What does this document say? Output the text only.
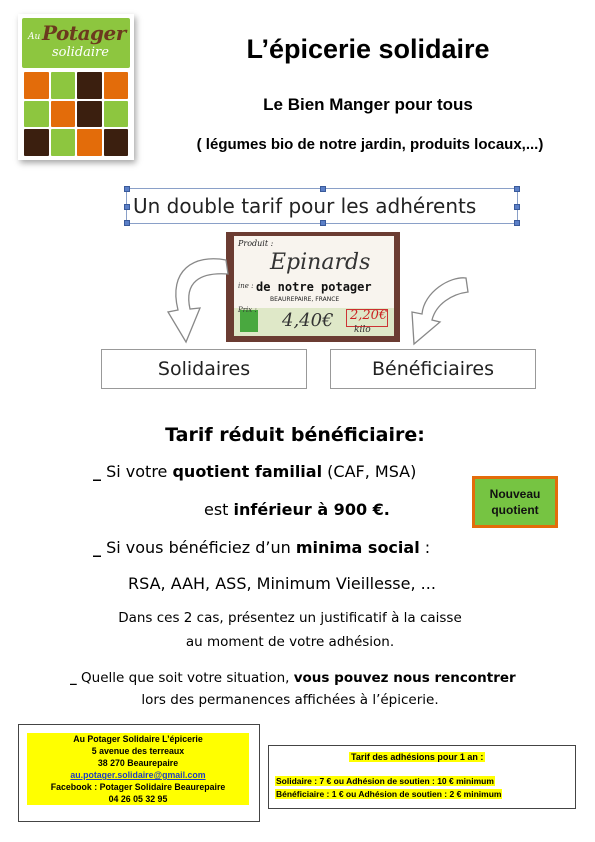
Au Potager
solidaire	L’épicerie solidaire
Le Bien Manger pour tous
( légumes bio de notre jardin, produits locaux,...)
Un double tarif pour les adhérents
Produit :
Epinards
ine : de notre potager
BEAUREPAIRE, FRANCE
Prix : 4,40€ 2,20€
kilo
Solidaires	Bénéficiaires
Tarif réduit bénéficiaire:
_ Si votre quotient familial (CAF, MSA)
est inférieur à 900 €.
_ Si vous bénéficiez d’un minima social :
RSA, AAH, ASS, Minimum Vieillesse, ...
Dans ces 2 cas, présentez un justificatif à la caisse
au moment de votre adhésion.
_ Quelle que soit votre situation, vous pouvez nous rencontrer
lors des permanences affichées à l’épicerie.
Nouveau
quotient
Au Potager Solidaire L’épicerie
5 avenue des terreaux
38 270 Beaurepaire
au.potager.solidaire@gmail.com
Facebook : Potager Solidaire Beaurepaire
04 26 05 32 95
Tarif des adhésions pour 1 an :
Solidaire : 7 € ou Adhésion de soutien : 10 € minimum
Bénéficiaire : 1 € ou Adhésion de soutien : 2 € minimum
